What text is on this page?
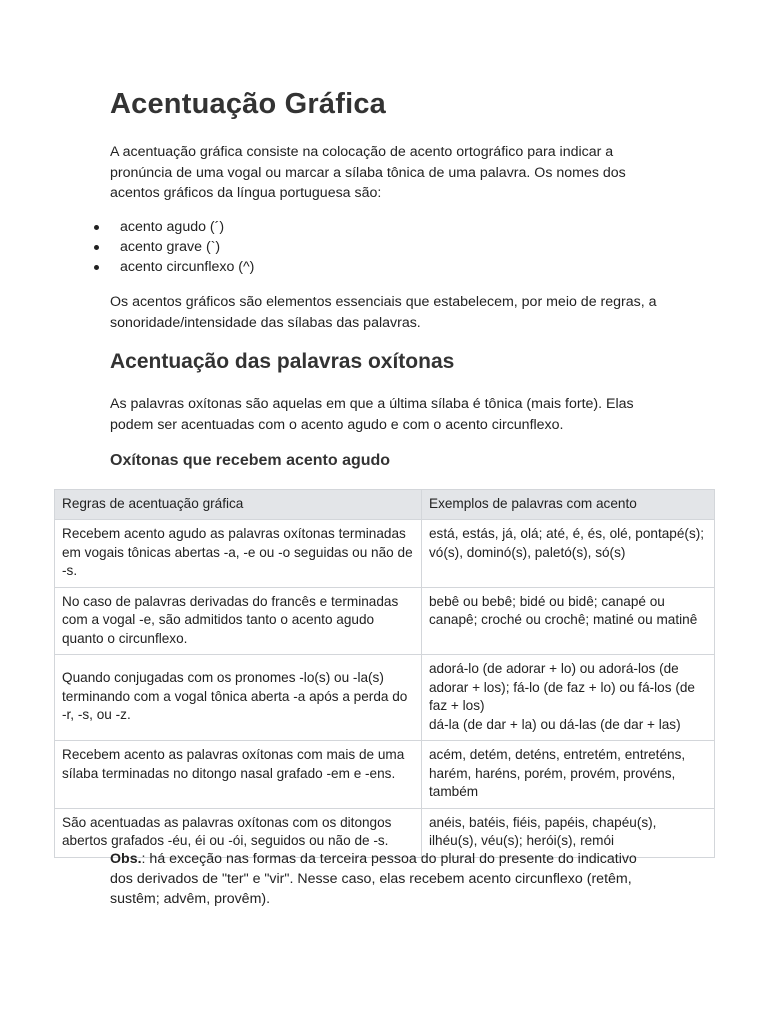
Acentuação Gráfica

A acentuação gráfica consiste na colocação de acento ortográfico para indicar a pronúncia de uma vogal ou marcar a sílaba tônica de uma palavra. Os nomes dos acentos gráficos da língua portuguesa são:

acento agudo (´)
acento grave (`)
acento circunflexo (^)

Os acentos gráficos são elementos essenciais que estabelecem, por meio de regras, a sonoridade/intensidade das sílabas das palavras.

Acentuação das palavras oxítonas

As palavras oxítonas são aquelas em que a última sílaba é tônica (mais forte). Elas podem ser acentuadas com o acento agudo e com o acento circunflexo.

Oxítonas que recebem acento agudo
Regras de acentuação gráfica	Exemplos de palavras com acento
Recebem acento agudo as palavras oxítonas terminadas em vogais tônicas abertas -a, -e ou -o seguidas ou não de -s.	está, estás, já, olá; até, é, és, olé, pontapé(s); vó(s), dominó(s), paletó(s), só(s)
No caso de palavras derivadas do francês e terminadas com a vogal -e, são admitidos tanto o acento agudo quanto o circunflexo.	bebê ou bebê; bidé ou bidê; canapé ou canapê; croché ou crochê; matiné ou matinê
Quando conjugadas com os pronomes -lo(s) ou -la(s) terminando com a vogal tônica aberta -a após a perda do -r, -s, ou -z.	adorá-lo (de adorar + lo) ou adorá-los (de adorar + los); fá-lo (de faz + lo) ou fá-los (de faz + los)
dá-la (de dar + la) ou dá-las (de dar + las)

Recebem acento as palavras oxítonas com mais de uma sílaba terminadas no ditongo nasal grafado -em e -ens.	acém, detém, deténs, entretém, entreténs, harém, haréns, porém, provém, provéns, também
São acentuadas as palavras oxítonas com os ditongos abertos grafados -éu, éi ou -ói, seguidos ou não de -s.	anéis, batéis, fiéis, papéis, chapéu(s), ilhéu(s), véu(s); herói(s), remói

Obs.: há exceção nas formas da terceira pessoa do plural do presente do indicativo dos derivados de "ter" e "vir". Nesse caso, elas recebem acento circunflexo (retêm, sustêm; advêm, provêm).
